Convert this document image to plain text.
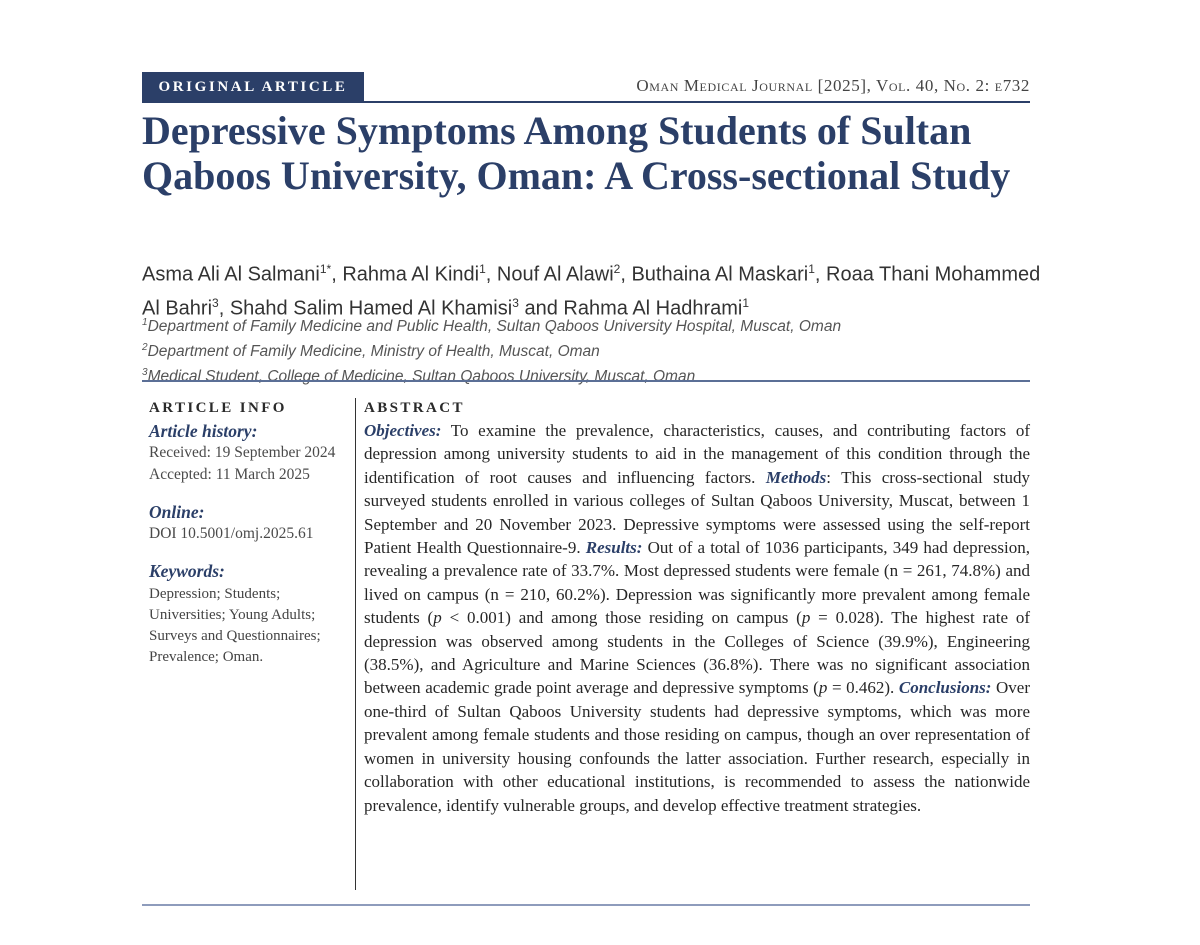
ORIGINAL ARTICLE	Oman Medical Journal [2025], Vol. 40, No. 2: e732
Depressive Symptoms Among Students of Sultan Qaboos University, Oman: A Cross-sectional Study

Asma Ali Al Salmani$^{1*}$, Rahma Al Kindi$^1$, Nouf Al Alawi$^2$, Buthaina Al Maskari$^1$, Roaa Thani Mohammed Al Bahri$^3$, Shahd Salim Hamed Al Khamisi$^3$ and Rahma Al Hadhrami$^1$

$^1$Department of Family Medicine and Public Health, Sultan Qaboos University Hospital, Muscat, Oman
$^2$Department of Family Medicine, Ministry of Health, Muscat, Oman
$^3$Medical Student, College of Medicine, Sultan Qaboos University, Muscat, Oman
ARTICLE INFO
Article history:
Received: 19 September 2024
Accepted: 11 March 2025
Online:
DOI 10.5001/omj.2025.61
Keywords:
Depression; Students;
Universities; Young Adults;
Surveys and Questionnaires;
Prevalence; Oman.
ABSTRACT

Objectives: To examine the prevalence, characteristics, causes, and contributing factors of depression among university students to aid in the management of this condition through the identification of root causes and influencing factors. Methods: This cross-sectional study surveyed students enrolled in various colleges of Sultan Qaboos University, Muscat, between 1 September and 20 November 2023. Depressive symptoms were assessed using the self-report Patient Health Questionnaire-9. Results: Out of a total of 1036 participants, 349 had depression, revealing a prevalence rate of 33.7%. Most depressed students were female (n = 261, 74.8%) and lived on campus (n = 210, 60.2%). Depression was significantly more prevalent among female students (p < 0.001) and among those residing on campus (p = 0.028). The highest rate of depression was observed among students in the Colleges of Science (39.9%), Engineering (38.5%), and Agriculture and Marine Sciences (36.8%). There was no significant association between academic grade point average and depressive symptoms (p = 0.462). Conclusions: Over one-third of Sultan Qaboos University students had depressive symptoms, which was more prevalent among female students and those residing on campus, though an over representation of women in university housing confounds the latter association. Further research, especially in collaboration with other educational institutions, is recommended to assess the nationwide prevalence, identify vulnerable groups, and develop effective treatment strategies.
